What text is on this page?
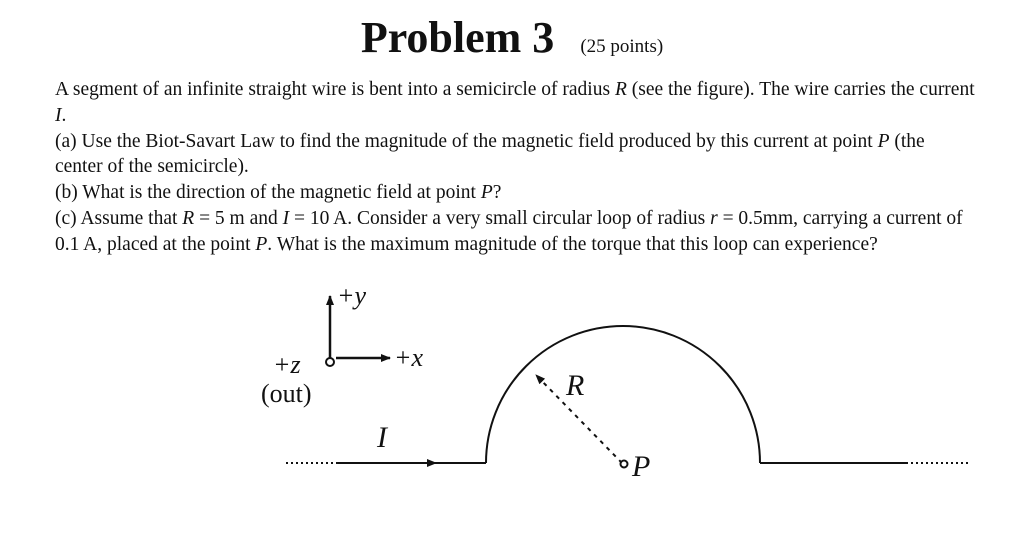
Problem 3 (25 points)

A segment of an infinite straight wire is bent into a semicircle of radius R (see the figure). The wire carries the current I.

(a) Use the Biot-Savart Law to find the magnitude of the magnetic field produced by this current at point P (the center of the semicircle).

(b) What is the direction of the magnetic field at point P?

(c) Assume that R = 5 m and I = 10 A. Consider a very small circular loop of radius r = 0.5mm, carrying a current of 0.1 A, placed at the point P. What is the maximum magnitude of the torque that this loop can experience?

+y
+x
+z
(out)
I
R
P
